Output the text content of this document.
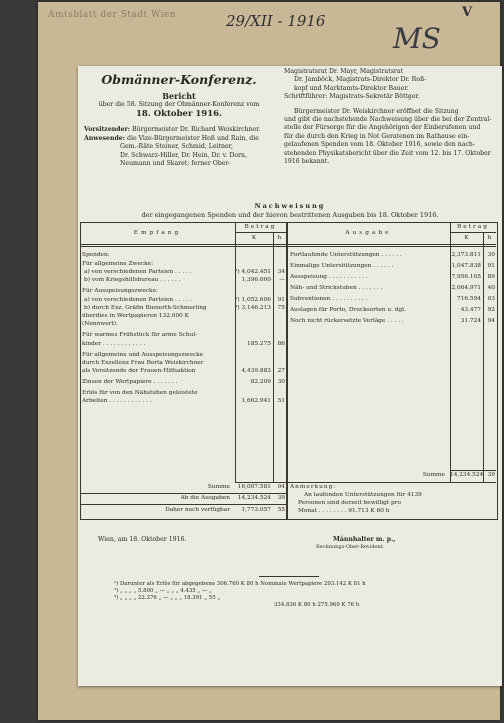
Amtsblatt der Stadt Wien	29/XII - 1916
MS
V
Obmänner-Konferenz.
Bericht
über die 58. Sitzung der Obmänner-Konferenz vom
18. Oktober 1916.
Vorsitzender: Bürgermeister Dr. Richard Weiskirchner.
Anwesende: die Vize-Bürgermeister Hoß und Rain, die
Gem.-Räte Steiner, Schmid, Leitner,
Dr. Schwarz-Hiller, Dr. Hein, Dr. v. Dorn,
Neumann und Skaret; ferner Ober-
Magistratsrat Dr. Mayr, Magistratsrat
Dr. Jamböck, Magistrats-Direktor Dr. Roß-
kopf und Marktamts-Direktor Bauer.
Schriftführer: Magistrats-Sekretär Böttger.
Bürgermeister Dr. Weiskirchner eröffnet die Sitzung
und gibt die nachstehende Nachweisung über die bei der Zentral-
stelle der Fürsorge für die Angehörigen der Einberufenen und
für die durch den Krieg in Not Geratenen im Rathause ein-
gelaufenen Spenden vom 18. Oktober 1916, sowie den nach-
stehenden Physikatsbericht über die Zeit vom 12. bis 17. Oktober
1916 bekannt.
Nachweisung
der eingegangenen Spenden und der hievon bestrittenen Ausgaben bis 18. Oktober 1916.
Empfang
Betrag
K	h
Ausgabe
Betrag
K	h
Spenden:
Für allgemeine Zwecke:
a) von verschiedenen Parteien . . . . .	¹) 4,042.451	34
b) vom Kriegshilfsbureau . . . . . .	1,396.000	—
Für Ausspeisungszwecke:
a) von verschiedenen Parteien . . . . .	²) 1,052.606	91
b) durch Exz. Gräfin Bienerth-Schmerling	³) 3,146.213	75
überdies in Wertpapieren 132.000 K
(Nennwert).
Für warmes Frühstück für arme Schul-
kinder . . . . . . . . . . . .	185.275	86
Für allgemeine und Ausspeisungszwecke
durch Exzellenz Frau Berta Weiskirchner
als Vorsitzende der Frauen-Hilfsaktion	4,439.883	27
Zinsen der Wertpapiere . . . . . . .	82.209	30
Erlös für von den Nähstuben geleistete
Arbeiten . . . . . . . . . . . .	1,662.941	51
Fortlaufende Unterstützungen . . . . . .	2,373.811	30
Einmalige Unterstützungen . . . . . .	1,047.838	91
Ausspeisung . . . . . . . . . . .	7,956.105	89
Näh- und Strickstuben . . . . . . .	2,064.971	40
Subventionen . . . . . . . . . .	716.594	03
Auslagen für Porto, Drucksorten u. dgl.	43.477	92
Noch nicht rückersetzte Verläge . . . . .	31.724	94
Summe	16,007.581	94
Ab die Ausgaben	14,234.524	39
Daher noch verfügbar	1,773.057	55
Summe 14,234.524 39
Anmerkung:
An laufenden Unterstützungen für 4139
Personen sind derzeit bewilligt pro
Monat . . . . . . . . 91.713 K 60 h
Wien, am 18. Oktober 1916.	Männhalter m. p.,
Rechnungs-Ober-Revident.
¹) Darunter als Erlös für abgegebene 306.760 K 80 h Nominale Wertpapiere 293.142 K 81 h
²) „ „ „ „ 5.800 „ — „ „ „ 4.435 „ — „
³) „ „ „ „ 22.276 „ — „ „ „ 18.391 „ 55 „
334.836 K 80 h 275.969 K 76 h
